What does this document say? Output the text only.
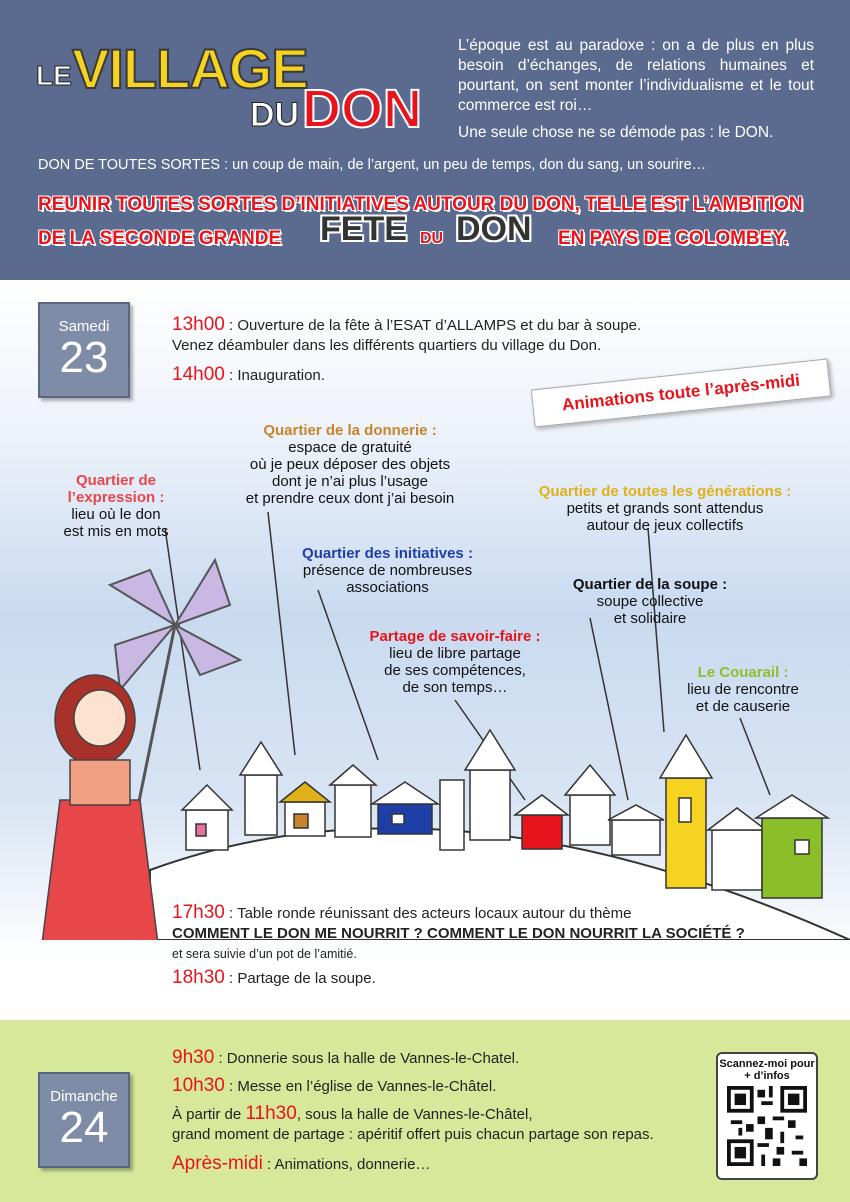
LE VILLAGE
DU DON

L’époque est au paradoxe : on a de plus en plus besoin d’échanges, de relations humaines et pourtant, on sent monter l’individualisme et le tout commerce est roi…

Une seule chose ne se démode pas : le DON.

DON DE TOUTES SORTES : un coup de main, de l’argent, un peu de temps, don du sang, un sourire…

REUNIR TOUTES SORTES D’INITIATIVES AUTOUR DU DON, TELLE EST L’AMBITION
DE LA SECONDE GRANDE FETE DU DON EN PAYS DE COLOMBEY.
Samedi
23

13h00 : Ouverture de la fête à l’ESAT d’ALLAMPS et du bar à soupe.
Venez déambuler dans les différents quartiers du village du Don.

14h00 : Inauguration.	Animations toute l’après-midi
Quartier de la donnerie :
espace de gratuité
où je peux déposer des objets
dont je n’ai plus l’usage
et prendre ceux dont j’ai besoin
Quartier de l’expression :
lieu où le don
est mis en mots
Quartier de toutes les générations :
petits et grands sont attendus
autour de jeux collectifs
Quartier des initiatives :
présence de nombreuses
associations	Quartier de la soupe :
soupe collective
et solidaire
Partage de savoir-faire :
lieu de libre partage
de ses compétences,
de son temps…
Le Couarail :
lieu de rencontre
et de causerie

17h30 : Table ronde réunissant des acteurs locaux autour du thème
COMMENT LE DON ME NOURRIT ? COMMENT LE DON NOURRIT LA SOCIÉTÉ ?
et sera suivie d’un pot de l’amitié.

18h30 : Partage de la soupe.

Dimanche
24

9h30 : Donnerie sous la halle de Vannes-le-Chatel.

10h30 : Messe en l’église de Vannes-le-Châtel.

À partir de 11h30, sous la halle de Vannes-le-Châtel,
grand moment de partage : apéritif offert puis chacun partage son repas.

Après-midi : Animations, donnerie…

Scannez-moi pour + d’infos
